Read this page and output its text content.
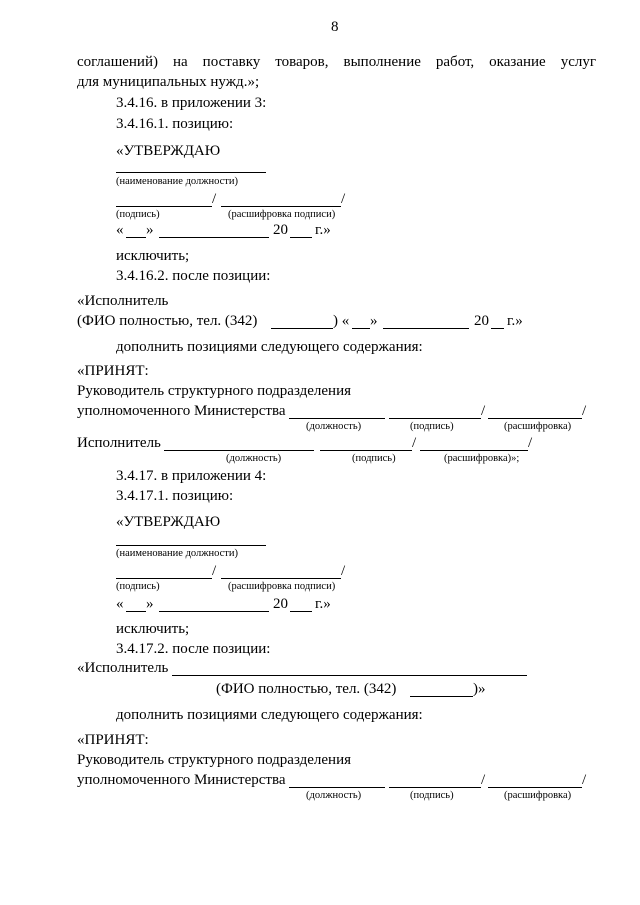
8
соглашений) на поставку товаров, выполнение работ, оказание услуг
для муниципальных нужд.»;
3.4.16. в приложении 3:
3.4.16.1. позицию:
«УТВЕРЖДАЮ
(наименование должности)
/	/
(подпись)	(расшифровка подписи)
« »	20 г.»
исключить;
3.4.16.2. после позиции:
«Исполнитель
(ФИО полностью, тел. (342)	) « »	20 г.»
дополнить позициями следующего содержания:
«ПРИНЯТ:
Руководитель структурного подразделения
уполномоченного Министерства	/	/
(должность)	(подпись)	(расшифровка)
Исполнитель	/	/
(должность)	(подпись)	(расшифровка)»;
3.4.17. в приложении 4:
3.4.17.1. позицию:
«УТВЕРЖДАЮ
(наименование должности)
/	/
(подпись)	(расшифровка подписи)
« »	20 г.»
исключить;
3.4.17.2. после позиции:
«Исполнитель
(ФИО полностью, тел. (342)	)»
дополнить позициями следующего содержания:
«ПРИНЯТ:
Руководитель структурного подразделения
уполномоченного Министерства	/	/
(должность)	(подпись)	(расшифровка)
